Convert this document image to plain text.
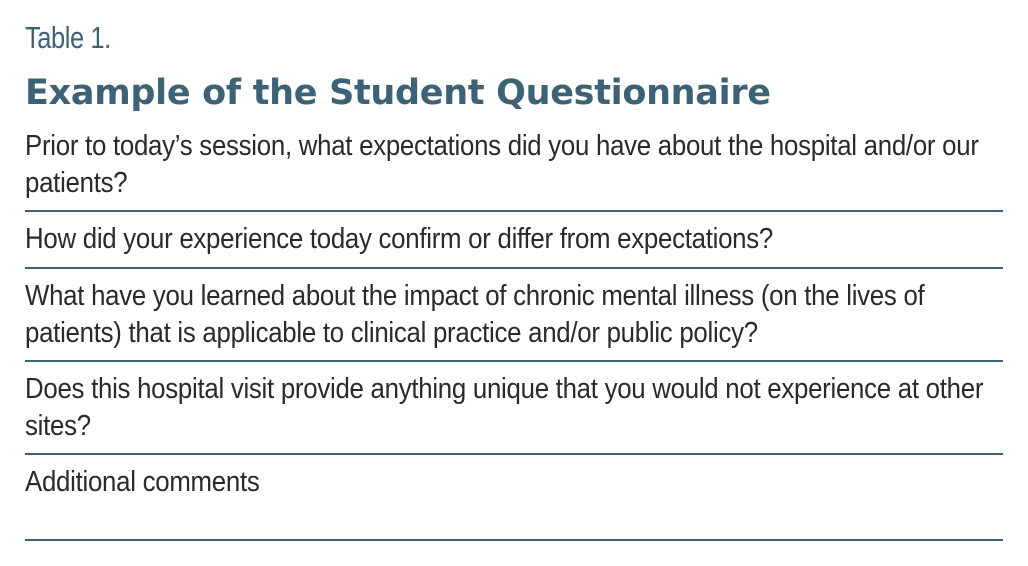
Table 1.
Example of the Student Questionnaire
Prior to today’s session, what expectations did you have about the hospital and/or our patients?
How did your experience today confirm or differ from expectations?
What have you learned about the impact of chronic mental illness (on the lives of patients) that is applicable to clinical practice and/or public policy?
Does this hospital visit provide anything unique that you would not experience at other sites?
Additional comments
